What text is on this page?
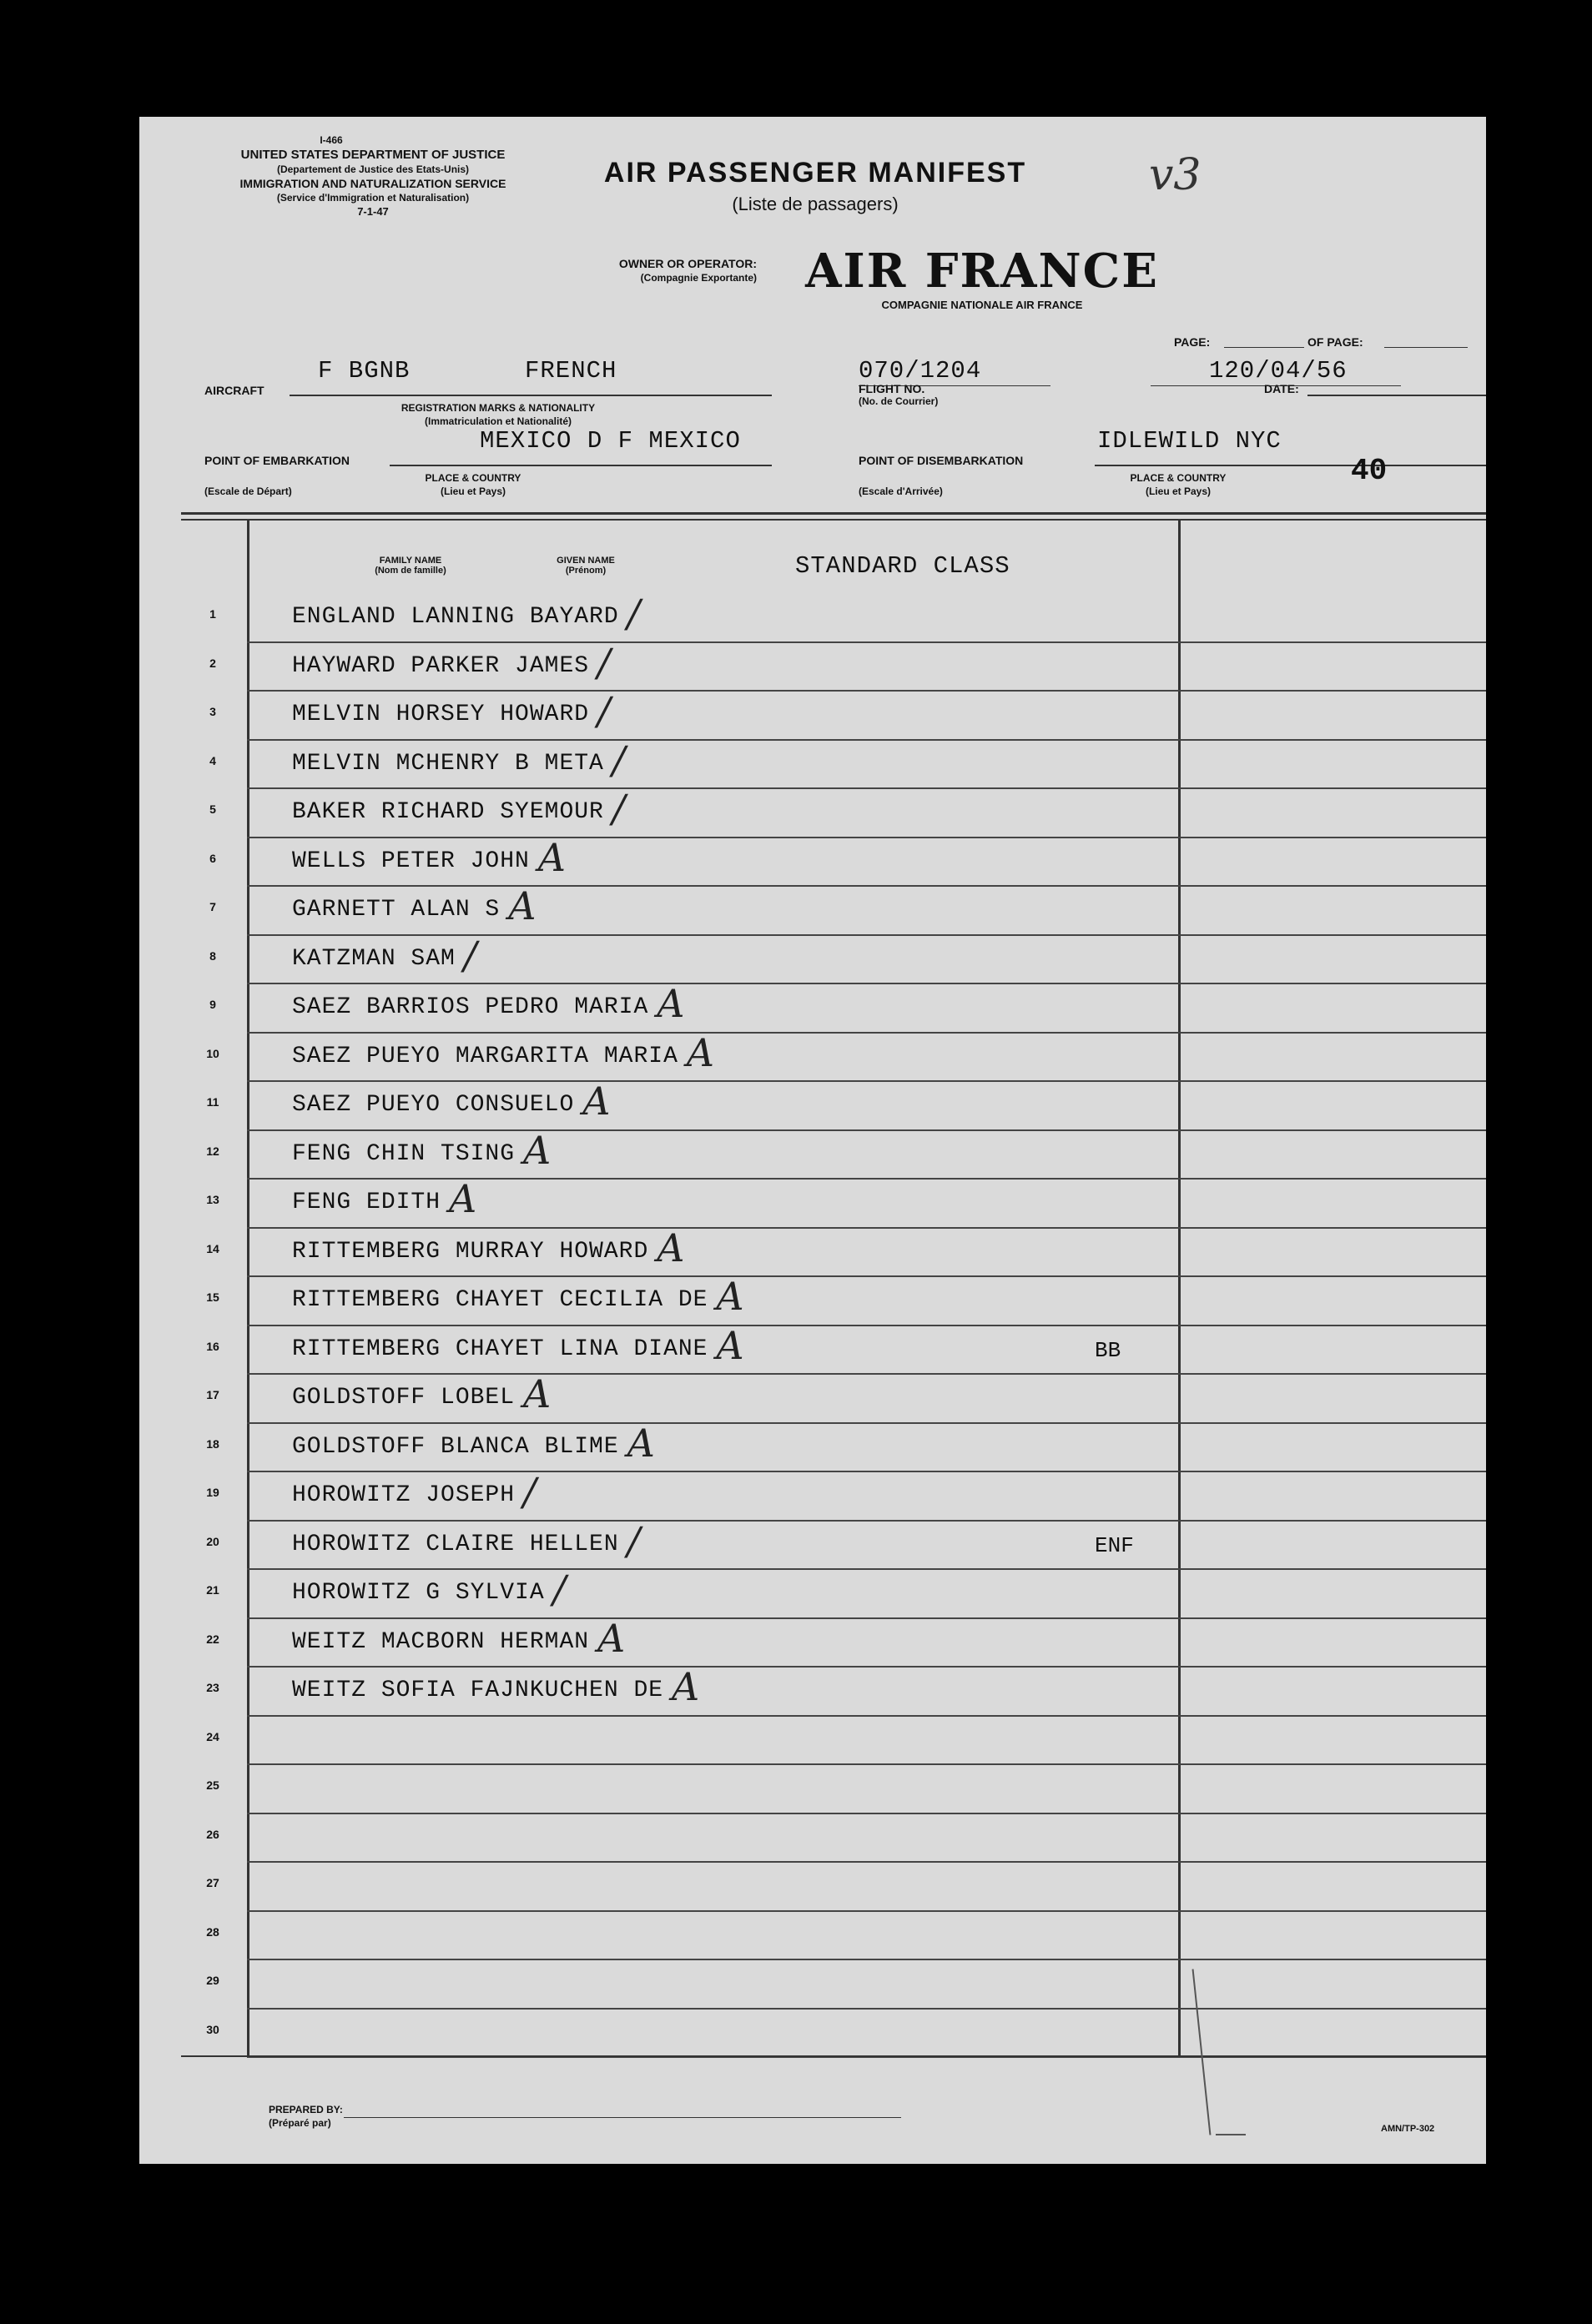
I-466
UNITED STATES DEPARTMENT OF JUSTICE
(Departement de Justice des Etats-Unis)
IMMIGRATION AND NATURALIZATION SERVICE
(Service d'Immigration et Naturalisation)
7-1-47
AIR PASSENGER MANIFEST
(Liste de passagers)
v3
OWNER OR OPERATOR:
(Compagnie Exportante)	AIR FRANCE
COMPAGNIE NATIONALE AIR FRANCE
PAGE:	OF PAGE:
F BGNB	FRENCH
AIRCRAFT
REGISTRATION MARKS & NATIONALITY
(Immatriculation et Nationalité)
070/1204
FLIGHT NO.
(No. de Courrier)
120/04/56
DATE:
MEXICO D F MEXICO
POINT OF EMBARKATION
(Escale de Départ)
PLACE & COUNTRY
(Lieu et Pays)
IDLEWILD NYC
POINT OF DISEMBARKATION
(Escale d'Arrivée)
PLACE & COUNTRY
(Lieu et Pays)
40
FAMILY NAME
(Nom de famille)
GIVEN NAME
(Prénom)	STANDARD CLASS
1	ENGLAND LANNING BAYARD /
2	HAYWARD PARKER JAMES /
3	MELVIN HORSEY HOWARD /
4	MELVIN MCHENRY B META /
5	BAKER RICHARD SYEMOUR /
6	WELLS PETER JOHN A
7	GARNETT ALAN S A
8	KATZMAN SAM /
9	SAEZ BARRIOS PEDRO MARIA A
10	SAEZ PUEYO MARGARITA MARIA A
11	SAEZ PUEYO CONSUELO A
12	FENG CHIN TSING A
13	FENG EDITH A
14	RITTEMBERG MURRAY HOWARD A
15	RITTEMBERG CHAYET CECILIA DE A
16	RITTEMBERG CHAYET LINA DIANE A	BB
17	GOLDSTOFF LOBEL A
18	GOLDSTOFF BLANCA BLIME A
19	HOROWITZ JOSEPH /
20	HOROWITZ CLAIRE HELLEN /	ENF
21	HOROWITZ G SYLVIA /
22	WEITZ MACBORN HERMAN A
23	WEITZ SOFIA FAJNKUCHEN DE A
24
25
26
27
28
29
30
PREPARED BY:
(Préparé par)	AMN/TP-302
